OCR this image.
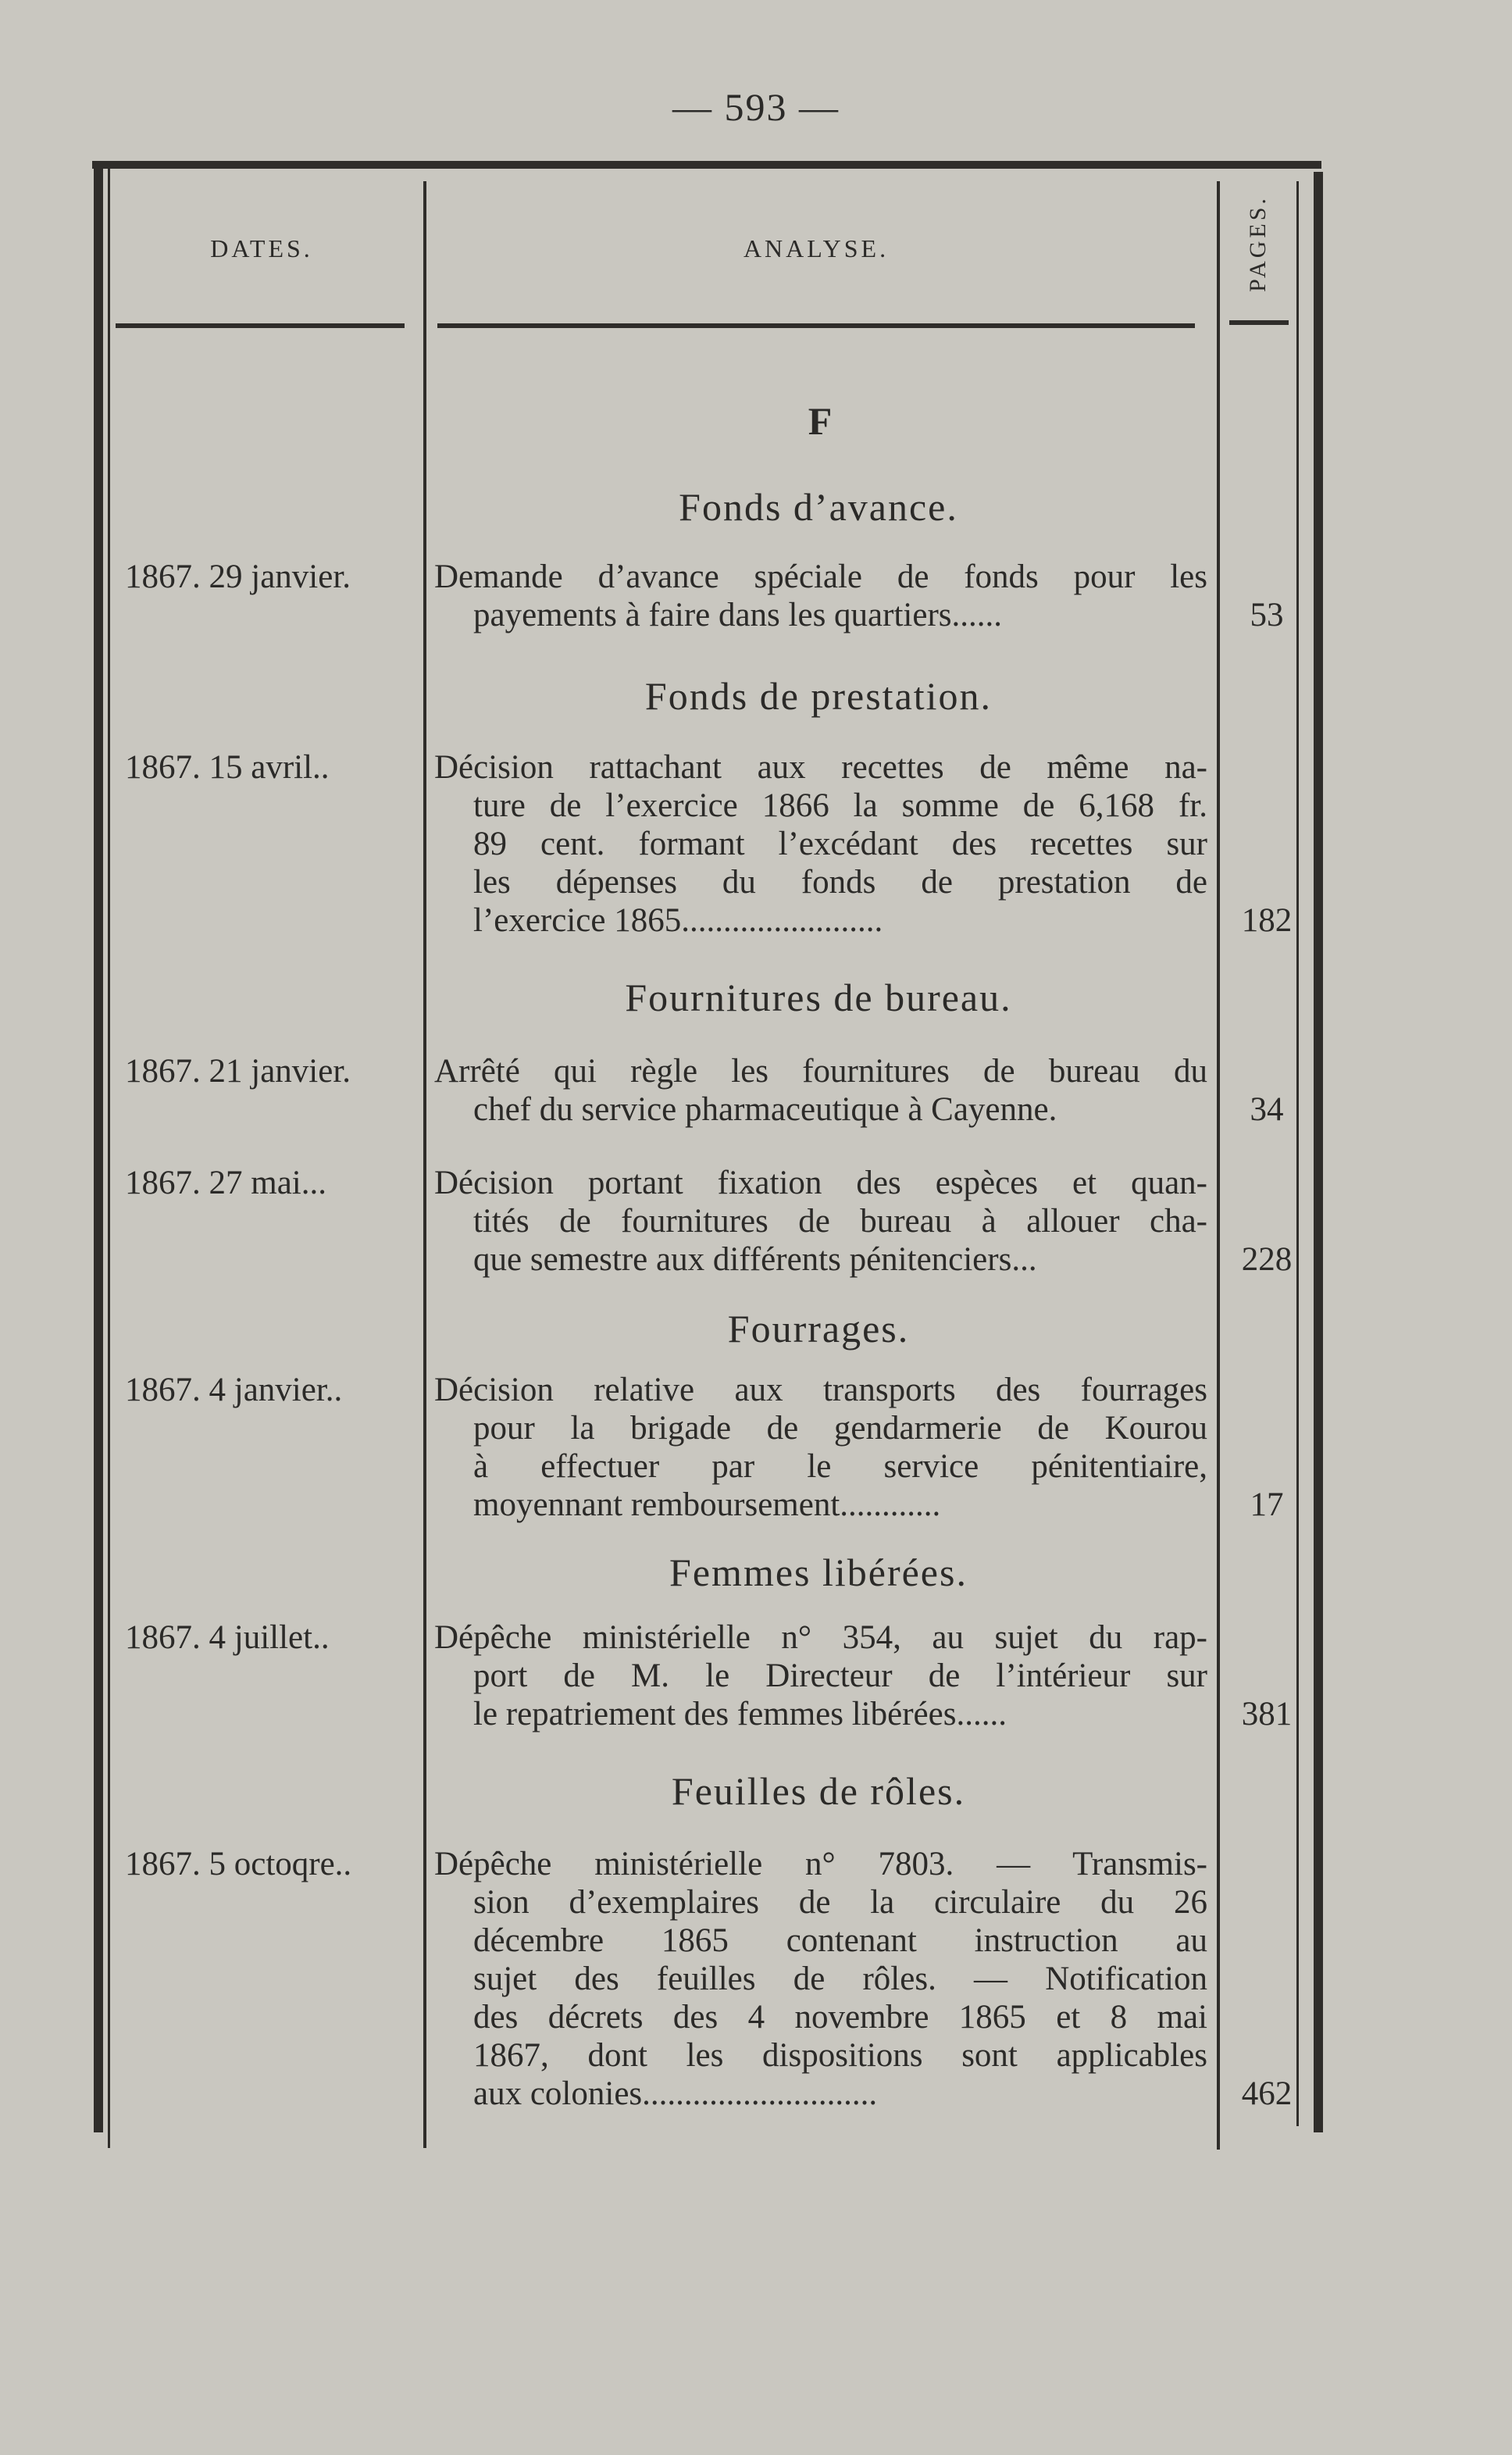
— 593 —
DATES.	ANALYSE.	PAGES.
F
Fonds d’avance.
1867. 29 janvier.	Demande d’avance spéciale de fonds pour les
payements à faire dans les quartiers......	53
Fonds de prestation.
1867. 15 avril..	Décision rattachant aux recettes de même na-
ture de l’exercice 1866 la somme de 6,168 fr.
89 cent. formant l’excédant des recettes sur
les dépenses du fonds de prestation de
l’exercice 1865........................	182
Fournitures de bureau.
1867. 21 janvier.	Arrêté qui règle les fournitures de bureau du
chef du service pharmaceutique à Cayenne.	34
1867. 27 mai...	Décision portant fixation des espèces et quan-
tités de fournitures de bureau à allouer cha-
que semestre aux différents pénitenciers...	228
Fourrages.
1867. 4 janvier..	Décision relative aux transports des fourrages
pour la brigade de gendarmerie de Kourou
à effectuer par le service pénitentiaire,
moyennant remboursement............	17
Femmes libérées.
1867. 4 juillet..	Dépêche ministérielle n° 354, au sujet du rap-
port de M. le Directeur de l’intérieur sur
le repatriement des femmes libérées......	381
Feuilles de rôles.
1867. 5 octoqre..	Dépêche ministérielle n° 7803. — Transmis-
sion d’exemplaires de la circulaire du 26
décembre 1865 contenant instruction au
sujet des feuilles de rôles. — Notification
des décrets des 4 novembre 1865 et 8 mai
1867, dont les dispositions sont applicables
aux colonies............................	462
